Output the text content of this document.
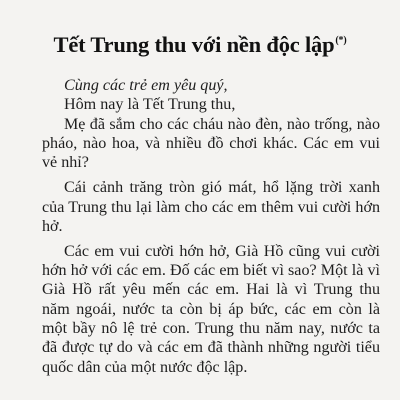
Tết Trung thu với nền độc lập(*)

Cùng các trẻ em yêu quý,

Hôm nay là Tết Trung thu,

Mẹ đã sắm cho các cháu nào đèn, nào trống, nào pháo, nào hoa, và nhiều đồ chơi khác. Các em vui vẻ nhỉ?

Cái cảnh trăng tròn gió mát, hổ lặng trời xanh của Trung thu lại làm cho các em thêm vui cười hớn hở.

Các em vui cười hớn hở, Già Hồ cũng vui cười hớn hở với các em. Đố các em biết vì sao? Một là vì Già Hồ rất yêu mến các em. Hai là vì Trung thu năm ngoái, nước ta còn bị áp bức, các em còn là một bầy nô lệ trẻ con. Trung thu năm nay, nước ta đã được tự do và các em đã thành những người tiểu quốc dân của một nước độc lập.
